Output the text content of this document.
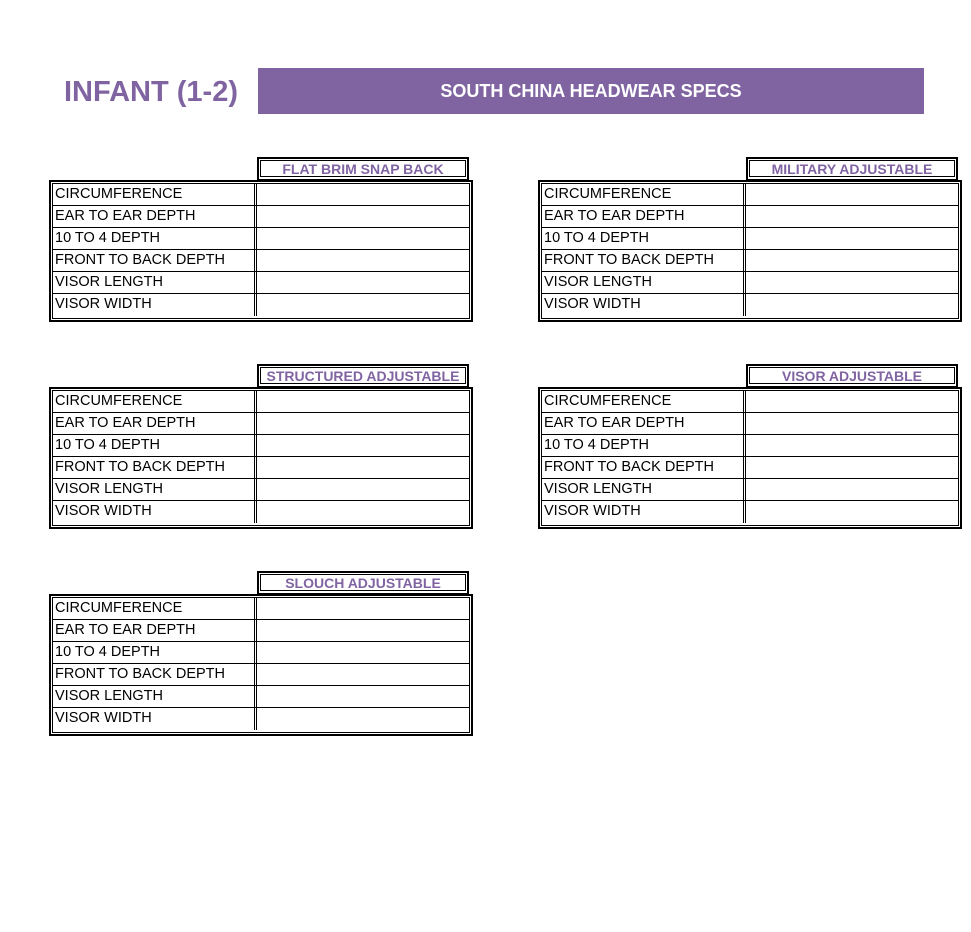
INFANT (1-2)	SOUTH CHINA HEADWEAR SPECS
FLAT BRIM SNAP BACK
CIRCUMFERENCE
EAR TO EAR DEPTH
10 TO 4 DEPTH
FRONT TO BACK DEPTH
VISOR LENGTH
VISOR WIDTH
MILITARY ADJUSTABLE
CIRCUMFERENCE
EAR TO EAR DEPTH
10 TO 4 DEPTH
FRONT TO BACK DEPTH
VISOR LENGTH
VISOR WIDTH
STRUCTURED ADJUSTABLE
CIRCUMFERENCE
EAR TO EAR DEPTH
10 TO 4 DEPTH
FRONT TO BACK DEPTH
VISOR LENGTH
VISOR WIDTH
VISOR ADJUSTABLE
CIRCUMFERENCE
EAR TO EAR DEPTH
10 TO 4 DEPTH
FRONT TO BACK DEPTH
VISOR LENGTH
VISOR WIDTH
SLOUCH ADJUSTABLE
CIRCUMFERENCE
EAR TO EAR DEPTH
10 TO 4 DEPTH
FRONT TO BACK DEPTH
VISOR LENGTH
VISOR WIDTH
